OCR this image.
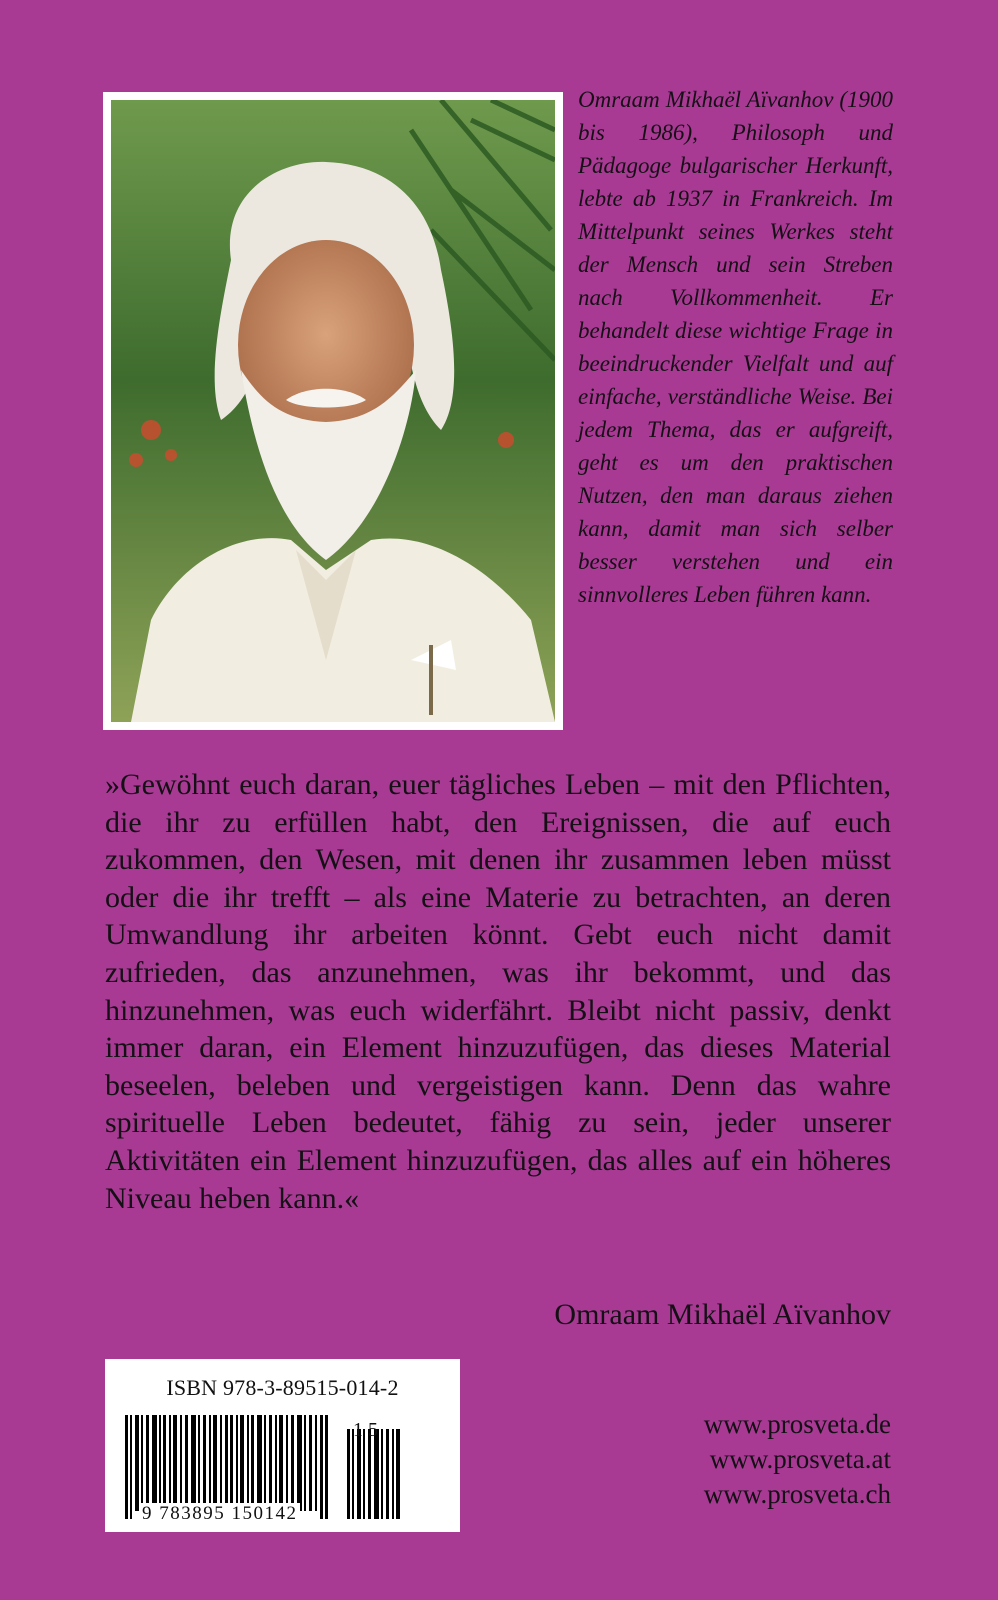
Omraam Mikhaël Aïvanhov (1900 bis 1986), Philosoph und Pädagoge bulgarischer Herkunft, lebte ab 1937 in Frankreich. Im Mittelpunkt seines Werkes steht der Mensch und sein Streben nach Vollkommenheit. Er behandelt diese wichtige Frage in beeindruckender Vielfalt und auf einfache, verständliche Weise. Bei jedem Thema, das er aufgreift, geht es um den praktischen Nutzen, den man daraus ziehen kann, damit man sich selber besser verstehen und ein sinnvolleres Leben führen kann.

»Gewöhnt euch daran, euer tägliches Leben – mit den Pflichten, die ihr zu erfüllen habt, den Ereignissen, die auf euch zukommen, den Wesen, mit denen ihr zusammen leben müsst oder die ihr trefft – als eine Materie zu betrachten, an deren Umwandlung ihr arbeiten könnt. Gebt euch nicht damit zufrieden, das anzunehmen, was ihr bekommt, und das hinzunehmen, was euch widerfährt. Bleibt nicht passiv, denkt immer daran, ein Element hinzuzufügen, das dieses Material beseelen, beleben und vergeistigen kann. Denn das wahre spirituelle Leben bedeutet, fähig zu sein, jeder unserer Aktivitäten ein Element hinzuzufügen, das alles auf ein höheres Niveau heben kann.«

Omraam Mikhaël Aïvanhov
ISBN 978-3-89515-014-2
1 5
9 783895 150142
www.prosveta.de
www.prosveta.at
www.prosveta.ch
